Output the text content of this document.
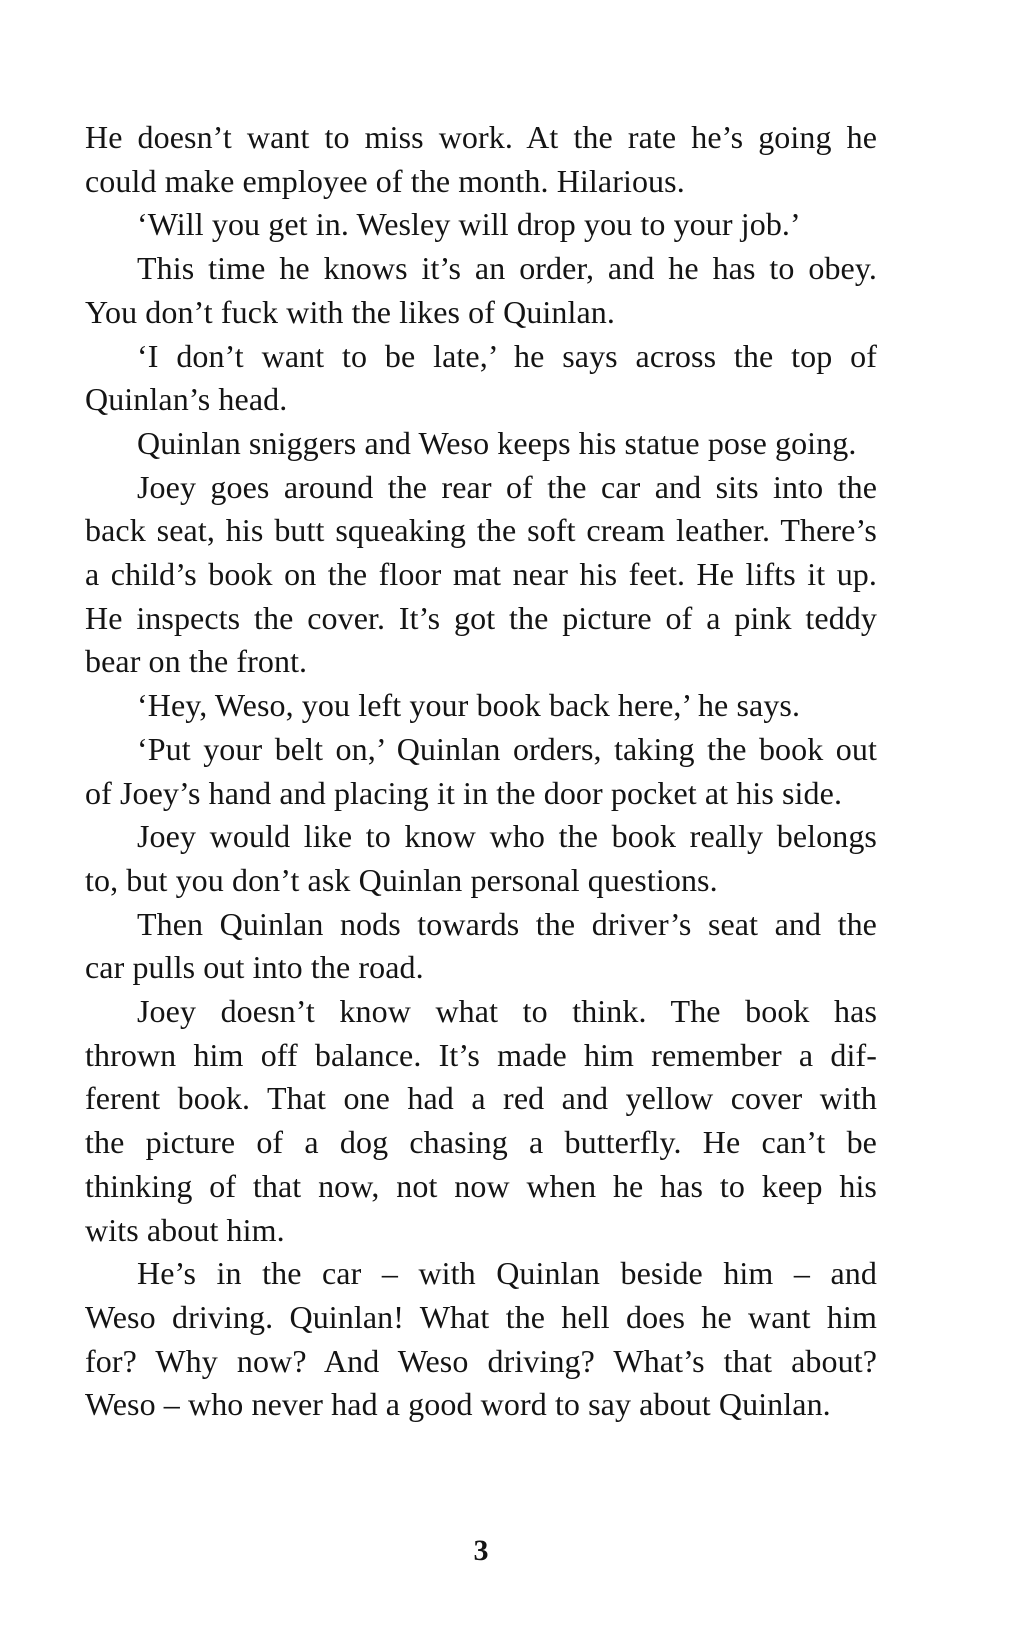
He doesn’t want to miss work. At the rate he’s going he
could make employee of the month. Hilarious.
‘Will you get in. Wesley will drop you to your job.’
This time he knows it’s an order, and he has to obey.
You don’t fuck with the likes of Quinlan.
‘I don’t want to be late,’ he says across the top of
Quinlan’s head.
Quinlan sniggers and Weso keeps his statue pose going.
Joey goes around the rear of the car and sits into the
back seat, his butt squeaking the soft cream leather. There’s
a child’s book on the floor mat near his feet. He lifts it up.
He inspects the cover. It’s got the picture of a pink teddy
bear on the front.
‘Hey, Weso, you left your book back here,’ he says.
‘Put your belt on,’ Quinlan orders, taking the book out
of Joey’s hand and placing it in the door pocket at his side.
Joey would like to know who the book really belongs
to, but you don’t ask Quinlan personal questions.
Then Quinlan nods towards the driver’s seat and the
car pulls out into the road.
Joey doesn’t know what to think. The book has
thrown him off balance. It’s made him remember a dif-
ferent book. That one had a red and yellow cover with
the picture of a dog chasing a butterfly. He can’t be
thinking of that now, not now when he has to keep his
wits about him.
He’s in the car – with Quinlan beside him – and
Weso driving. Quinlan! What the hell does he want him
for? Why now? And Weso driving? What’s that about?
Weso – who never had a good word to say about Quinlan.
3
